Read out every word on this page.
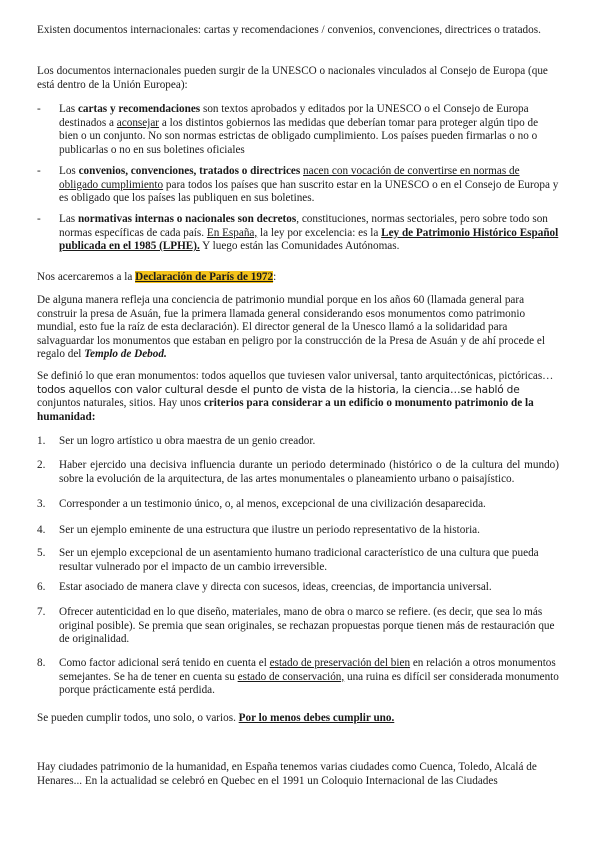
Existen documentos internacionales: cartas y recomendaciones / convenios, convenciones, directrices o tratados.

Los documentos internacionales pueden surgir de la UNESCO o nacionales vinculados al Consejo de Europa (que está dentro de la Unión Europea):

- Las cartas y recomendaciones son textos aprobados y editados por la UNESCO o el Consejo de Europa destinados a aconsejar a los distintos gobiernos las medidas que deberían tomar para proteger algún tipo de bien o un conjunto. No son normas estrictas de obligado cumplimiento. Los países pueden firmarlas o no o publicarlas o no en sus boletines oficiales

- Los convenios, convenciones, tratados o directrices nacen con vocación de convertirse en normas de obligado cumplimiento para todos los países que han suscrito estar en la UNESCO o en el Consejo de Europa y es obligado que los países las publiquen en sus boletines.

- Las normativas internas o nacionales son decretos, constituciones, normas sectoriales, pero sobre todo son normas específicas de cada país. En España, la ley por excelencia: es la Ley de Patrimonio Histórico Español publicada en el 1985 (LPHE). Y luego están las Comunidades Autónomas.

Nos acercaremos a la Declaración de París de 1972:

De alguna manera refleja una conciencia de patrimonio mundial porque en los años 60 (llamada general para construir la presa de Asuán, fue la primera llamada general considerando esos monumentos como patrimonio mundial, esto fue la raíz de esta declaración). El director general de la Unesco llamó a la solidaridad para salvaguardar los monumentos que estaban en peligro por la construcción de la Presa de Asuán y de ahí procede el regalo del Templo de Debod.

Se definió lo que eran monumentos: todos aquellos que tuviesen valor universal, tanto arquitectónicas, pictóricas… todos aquellos con valor cultural desde el punto de vista de la historia, la ciencia…se habló de conjuntos naturales, sitios. Hay unos criterios para considerar a un edificio o monumento patrimonio de la humanidad:

1. Ser un logro artístico u obra maestra de un genio creador.

2. Haber ejercido una decisiva influencia durante un periodo determinado (histórico o de la cultura del mundo) sobre la evolución de la arquitectura, de las artes monumentales o planeamiento urbano o paisajístico.

3. Corresponder a un testimonio único, o, al menos, excepcional de una civilización desaparecida.

4. Ser un ejemplo eminente de una estructura que ilustre un periodo representativo de la historia.

5. Ser un ejemplo excepcional de un asentamiento humano tradicional característico de una cultura que pueda resultar vulnerado por el impacto de un cambio irreversible.

6. Estar asociado de manera clave y directa con sucesos, ideas, creencias, de importancia universal.

7. Ofrecer autenticidad en lo que diseño, materiales, mano de obra o marco se refiere. (es decir, que sea lo más original posible). Se premia que sean originales, se rechazan propuestas porque tienen más de restauración que de originalidad.

8. Como factor adicional será tenido en cuenta el estado de preservación del bien en relación a otros monumentos semejantes. Se ha de tener en cuenta su estado de conservación, una ruina es difícil ser considerada monumento porque prácticamente está perdida.

Se pueden cumplir todos, uno solo, o varios. Por lo menos debes cumplir uno.

Hay ciudades patrimonio de la humanidad, en España tenemos varias ciudades como Cuenca, Toledo, Alcalá de Henares... En la actualidad se celebró en Quebec en el 1991 un Coloquio Internacional de las Ciudades
